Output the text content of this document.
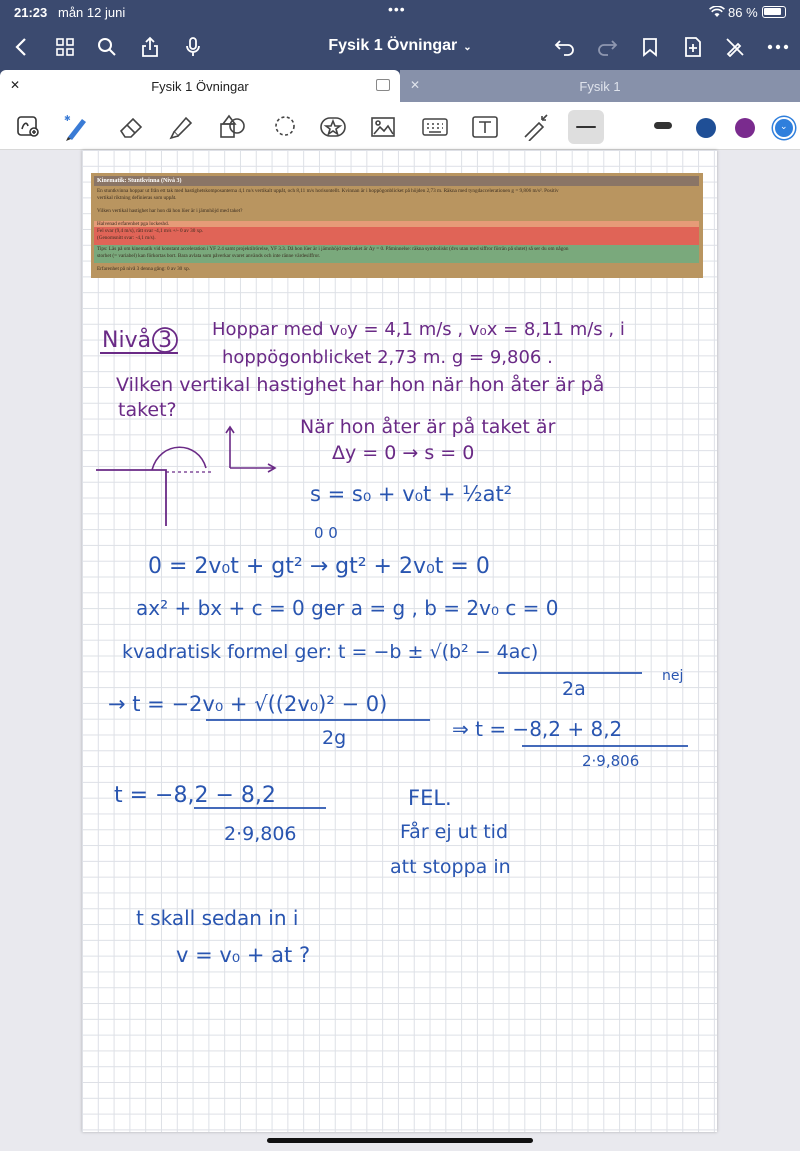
21:23 mån 12 juni	•••	86 %
Fysik 1 Övningar ⌄
✕	Fysik 1 Övningar	✕	Fysik 1
✱
⌄
Kinematik: Stuntkvinna (Nivå 3)
En stuntkvinna hoppar ut från ett tak med hastighetskomposanterna 4,1 m/s vertikalt uppåt, och 8,11 m/s horisontellt. Kvinnan är i hoppögonblicket på höjden 2,73 m. Räkna med tyngdaccelerationen g = 9,806 m/s². Positiv
vertikal riktning definieras som uppåt.
Vilken vertikal hastighet har hon då hon lüer är i jämnhöjd med taket?
Halvenad erfarenhet pga lockeshd.
Fel svar (9,4 m/s), rätt svar -4,1 m/s +/- 0 av 30 xp.
(Genomsnitt svar: -4,1 m/s).
Tips: Läs på om kinematik vid konstant acceleration i YF 2.4 samt projektilrörelse, YF 3.3. Då hon lüer är i jämnhöjd med taket är Δy = 0. Påminnelse: räkna symboliskt (dvs utan med siffror förrän på slutet) så ser du om någon
storhet (= variabel) kan förkortas bort. Bara avlata som påverkar svaret används och inte ränne värdesiffror.
Erfarenhet på nivå 3 denna gång: 0 av 30 xp.
Nivå 3 Hoppar med v₀y = 4,1 m/s , v₀x = 8,11 m/s , i
hoppögonblicket 2,73 m. g = 9,806 .
Vilken vertikal hastighet har hon när hon åter är på
taket?
När hon åter är på taket är
Δy = 0 → s = 0
s = s₀ + v₀t + ½at²
0 0
0 = 2v₀t + gt² → gt² + 2v₀t = 0
ax² + bx + c = 0 ger a = g , b = 2v₀ c = 0
kvadratisk formel ger: t = −b ± √(b² − 4ac)
2a
nej
→ t = −2v₀ + √((2v₀)² − 0)
2g	⇒ t = −8,2 + 8,2
2·9,806
t = −8,2 − 8,2
2·9,806
FEL.
Får ej ut tid
att stoppa in
t skall sedan in i
v = v₀ + at ?
